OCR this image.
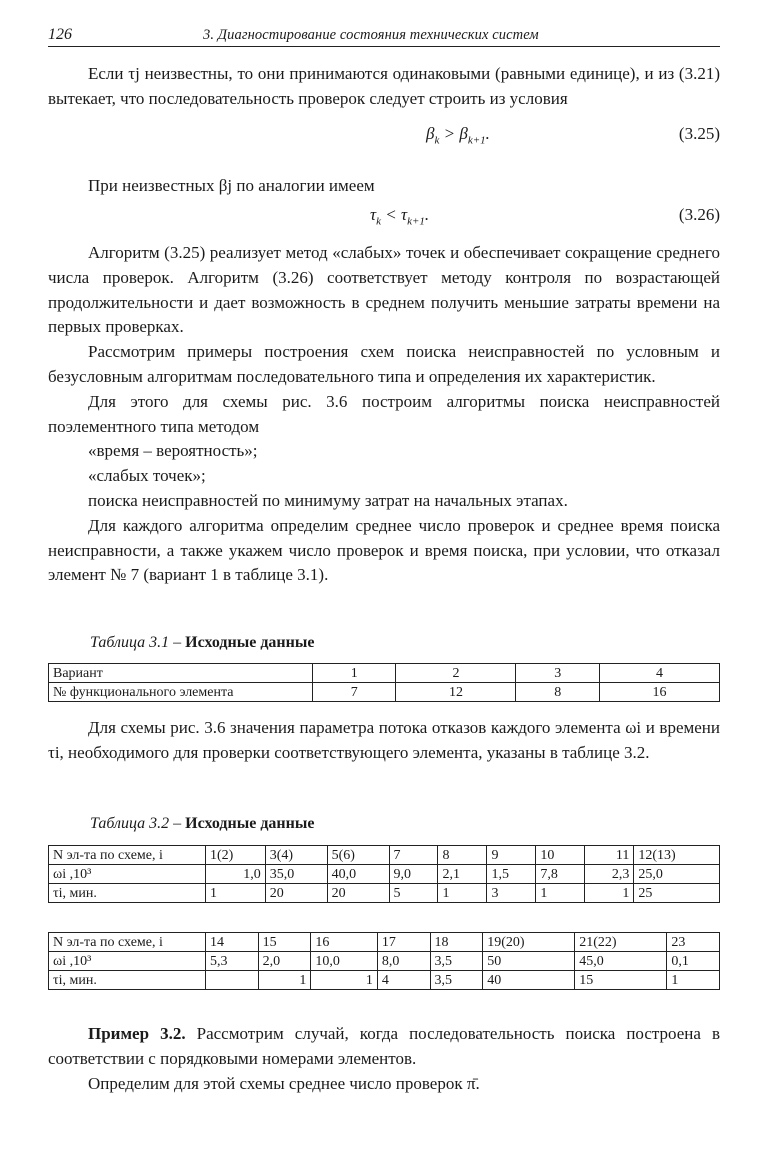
126	3. Диагностирование состояния технических систем

Если τj неизвестны, то они принимаются одинаковыми (равными единице), и из (3.21) вытекает, что последовательность проверок следует строить из условия

$\beta_k > \beta_{k+1}$.	(3.25)

При неизвестных βj по аналогии имеем

$\tau_k < \tau_{k+1}$.	(3.26)

Алгоритм (3.25) реализует метод «слабых» точек и обеспечивает сокращение среднего числа проверок. Алгоритм (3.26) соответствует методу контроля по возрастающей продолжительности и дает возможность в среднем получить меньшие затраты времени на первых проверках.

Рассмотрим примеры построения схем поиска неисправностей по условным и безусловным алгоритмам последовательного типа и определения их характеристик.

Для этого для схемы рис. 3.6 построим алгоритмы поиска неисправностей поэлементного типа методом

«время – вероятность»;
«слабых точек»;
поиска неисправностей по минимуму затрат на начальных этапах.

Для каждого алгоритма определим среднее число проверок и среднее время поиска неисправности, а также укажем число проверок и время поиска, при условии, что отказал элемент № 7 (вариант 1 в таблице 3.1).

Таблица 3.1 – Исходные данные
Вариант	1	2	3	4
№ функционального элемента	7	12	8	16

Для схемы рис. 3.6 значения параметра потока отказов каждого элемента ωi и времени τi, необходимого для проверки соответствующего элемента, указаны в таблице 3.2.

Таблица 3.2 – Исходные данные
N эл-та по схеме, i	1(2)	3(4)	5(6)	7	8	9	10	11	12(13)
ωi ,10³	1,0	35,0	40,0	9,0	2,1	1,5	7,8	2,3	25,0
τi, мин.	1	20	20	5	1	3	1	1	25
N эл-та по схеме, i	14	15	16	17	18	19(20)	21(22)	23
ωi ,10³	5,3	2,0	10,0	8,0	3,5	50	45,0	0,1
τi, мин.		1	1	4	3,5	40	15	1

Пример 3.2. Рассмотрим случай, когда последовательность поиска построена в соответствии с порядковыми номерами элементов.

Определим для этой схемы среднее число проверок π̄.
